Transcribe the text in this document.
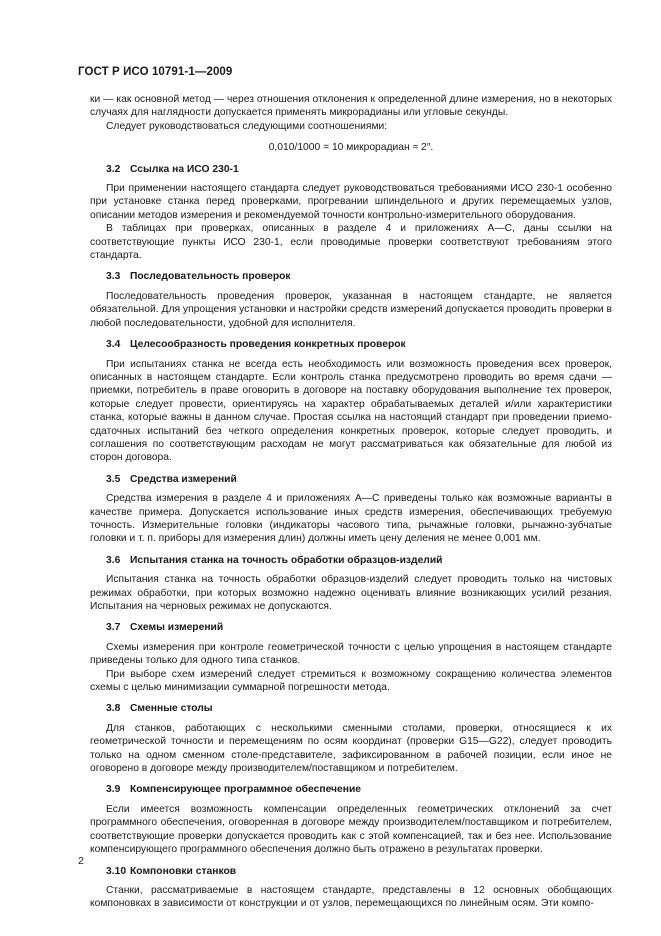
ГОСТ Р ИСО 10791-1—2009

ки — как основной метод — через отношения отклонения к определенной длине измерения, но в некоторых случаях для наглядности допускается применять микрорадианы или угловые секунды.

Следует руководствоваться следующими соотношениями:

0,010/1000 = 10 микрорадиан ≈ 2″.

3.2 Ссылка на ИСО 230-1

При применении настоящего стандарта следует руководствоваться требованиями ИСО 230-1 особенно при установке станка перед проверками, прогревании шпиндельного и других перемещаемых узлов, описании методов измерения и рекомендуемой точности контрольно-измерительного оборудования.

В таблицах при проверках, описанных в разделе 4 и приложениях А—С, даны ссылки на соответствующие пункты ИСО 230-1, если проводимые проверки соответствуют требованиям этого стандарта.

3.3 Последовательность проверок

Последовательность проведения проверок, указанная в настоящем стандарте, не является обязательной. Для упрощения установки и настройки средств измерений допускается проводить проверки в любой последовательности, удобной для исполнителя.

3.4 Целесообразность проведения конкретных проверок

При испытаниях станка не всегда есть необходимость или возможность проведения всех проверок, описанных в настоящем стандарте. Если контроль станка предусмотрено проводить во время сдачи — приемки, потребитель в праве оговорить в договоре на поставку оборудования выполнение тех проверок, которые следует провести, ориентируясь на характер обрабатываемых деталей и/или характеристики станка, которые важны в данном случае. Простая ссылка на настоящий стандарт при проведении приемо-сдаточных испытаний без четкого определения конкретных проверок, которые следует проводить, и соглашения по соответствующим расходам не могут рассматриваться как обязательные для любой из сторон договора.

3.5 Средства измерений

Средства измерения в разделе 4 и приложениях А—С приведены только как возможные варианты в качестве примера. Допускается использование иных средств измерения, обеспечивающих требуемую точность. Измерительные головки (индикаторы часового типа, рычажные головки, рычажно-зубчатые головки и т. п. приборы для измерения длин) должны иметь цену деления не менее 0,001 мм.

3.6 Испытания станка на точность обработки образцов-изделий

Испытания станка на точность обработки образцов-изделий следует проводить только на чистовых режимах обработки, при которых возможно надежно оценивать влияние возникающих усилий резания. Испытания на черновых режимах не допускаются.

3.7 Схемы измерений

Схемы измерения при контроле геометрической точности с целью упрощения в настоящем стандарте приведены только для одного типа станков.

При выборе схем измерений следует стремиться к возможному сокращению количества элементов схемы с целью минимизации суммарной погрешности метода.

3.8 Сменные столы

Для станков, работающих с несколькими сменными столами, проверки, относящиеся к их геометрической точности и перемещениям по осям координат (проверки G15—G22), следует проводить только на одном сменном столе-представителе, зафиксированном в рабочей позиции, если иное не оговорено в договоре между производителем/поставщиком и потребителем.

3.9 Компенсирующее программное обеспечение

Если имеется возможность компенсации определенных геометрических отклонений за счет программного обеспечения, оговоренная в договоре между производителем/поставщиком и потребителем, соответствующие проверки допускается проводить как с этой компенсацией, так и без нее. Использование компенсирующего программного обеспечения должно быть отражено в результатах проверки.

3.10 Компоновки станков

Станки, рассматриваемые в настоящем стандарте, представлены в 12 основных обобщающих компоновках в зависимости от конструкции и от узлов, перемещающихся по линейным осям. Эти компо-

2
